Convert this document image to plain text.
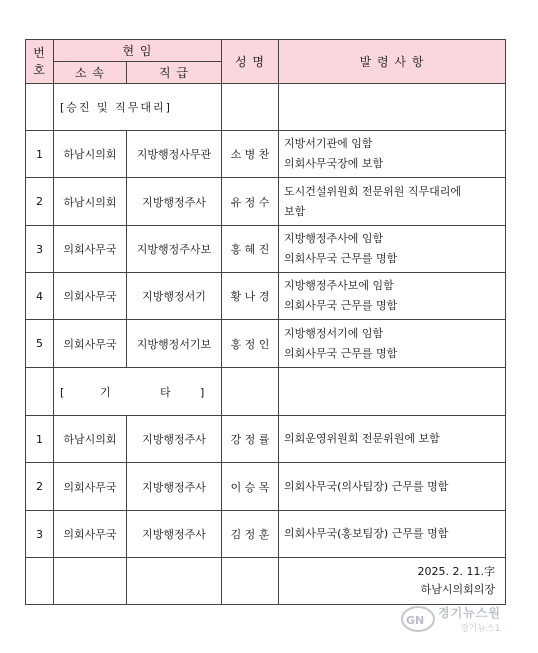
번
호	현 임		성 명	발 령 사 항
	소 속	직 급		
	[승진 및 직무대리]			
1	하남시의회	지방행정사무관	소 병 찬	지방서기관에 임함
의회사무국장에 보함

2	하남시의회	지방행정주사	유 정 수	도시건설위원회 전문위원 직무대리에
보함

3	의회사무국	지방행정주사보	홍 혜 진	지방행정주사에 임함
의회사무국 근무를 명함

4	의회사무국	지방행정서기	황 나 경	지방행정주사보에 임함
의회사무국 근무를 명함

5	의회사무국	지방행정서기보	홍 정 인	지방행정서기에 임함
의회사무국 근무를 명함

	[ 기 타 ]			
1	하남시의회	지방행정주사	강 정 률	의회운영위원회 전문위원에 보함

2	의회사무국	지방행정주사	이 승 목	의회사무국(의사팀장) 근무를 명함

3	의회사무국	지방행정주사	김 정 훈	의회사무국(홍보팀장) 근무를 명함

				2025. 2. 11.字
하남시의회의장
GN
경기뉴스원
경기뉴스1
